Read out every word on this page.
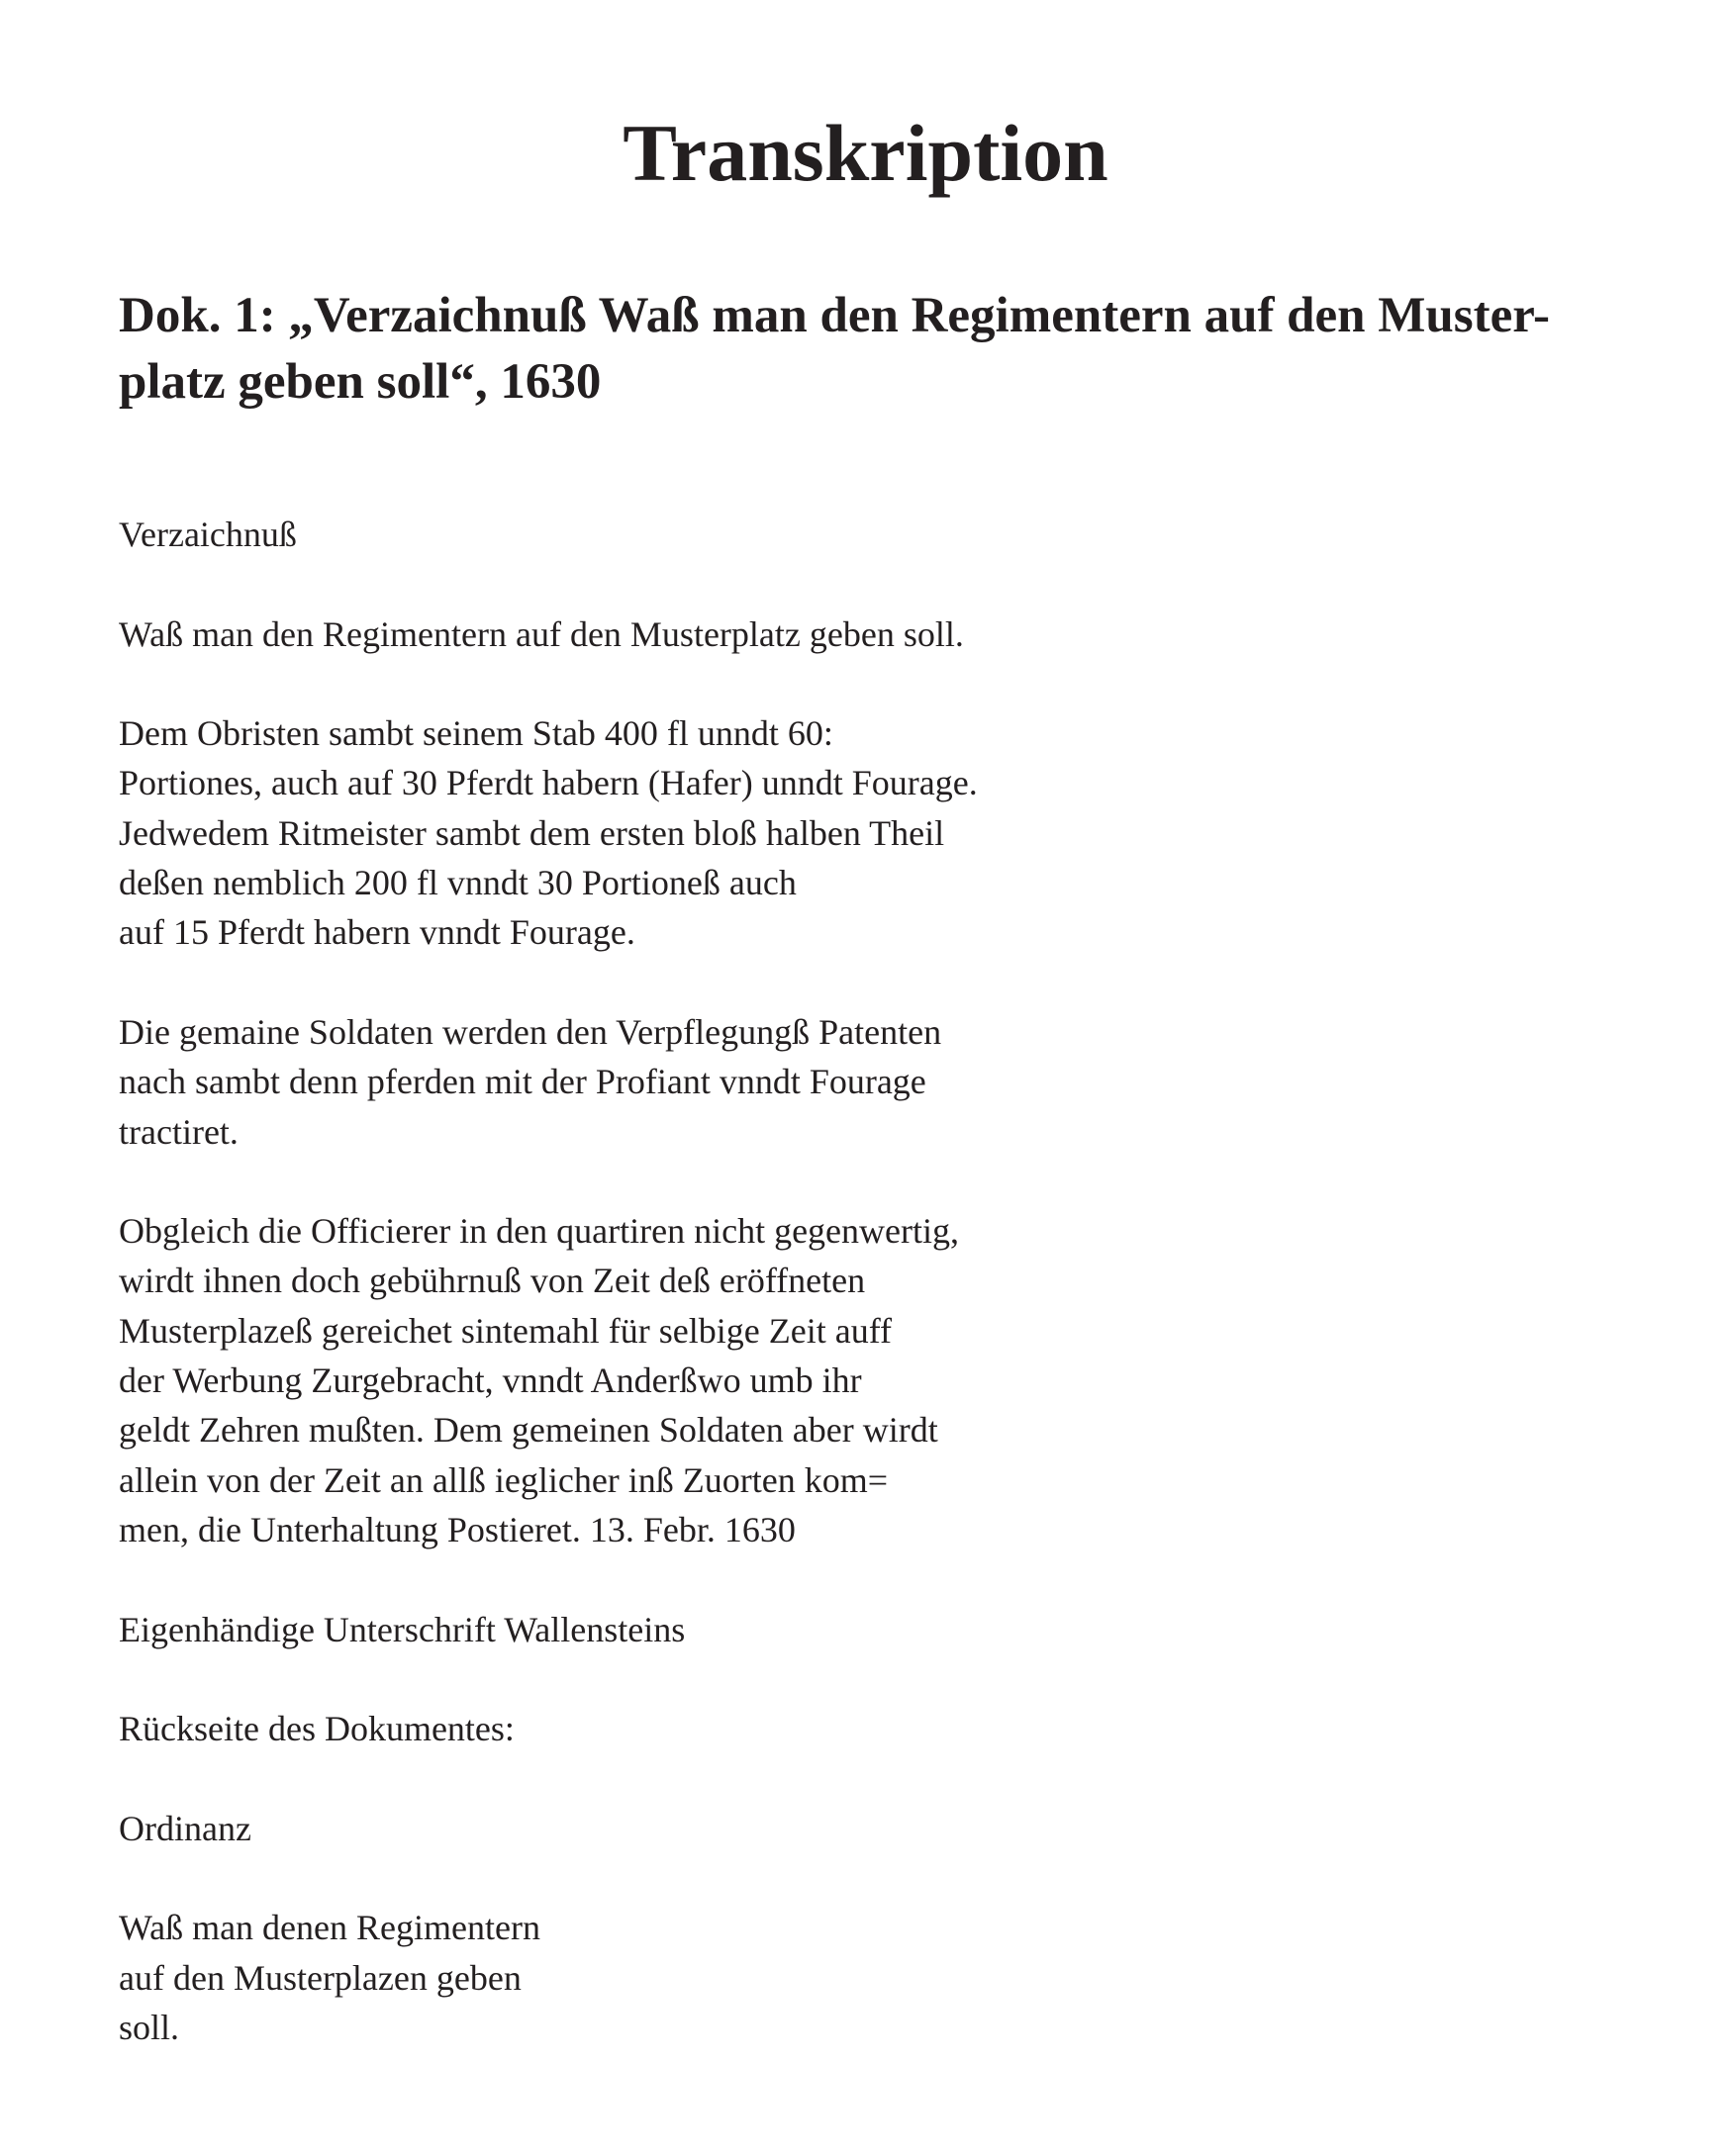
Transkription
Dok. 1: „Verzaichnuß Waß man den Regimentern auf den Muster-
platz geben soll“, 1630

Verzaichnuß

Waß man den Regimentern auf den Musterplatz geben soll.

Dem Obristen sambt seinem Stab 400 fl unndt 60:
Portiones, auch auf 30 Pferdt habern (Hafer) unndt Fourage.
Jedwedem Ritmeister sambt dem ersten bloß halben Theil
deßen nemblich 200 fl vnndt 30 Portioneß auch
auf 15 Pferdt habern vnndt Fourage.

Die gemaine Soldaten werden den Verpflegungß Patenten
nach sambt denn pferden mit der Profiant vnndt Fourage
tractiret.

Obgleich die Officierer in den quartiren nicht gegenwertig,
wirdt ihnen doch gebührnuß von Zeit deß eröffneten
Musterplazeß gereichet sintemahl für selbige Zeit auff
der Werbung Zurgebracht, vnndt Anderßwo umb ihr
geldt Zehren mußten. Dem gemeinen Soldaten aber wirdt
allein von der Zeit an allß ieglicher inß Zuorten kom=
men, die Unterhaltung Postieret. 13. Febr. 1630

Eigenhändige Unterschrift Wallensteins

Rückseite des Dokumentes:

Ordinanz

Waß man denen Regimentern
auf den Musterplazen geben
soll.
